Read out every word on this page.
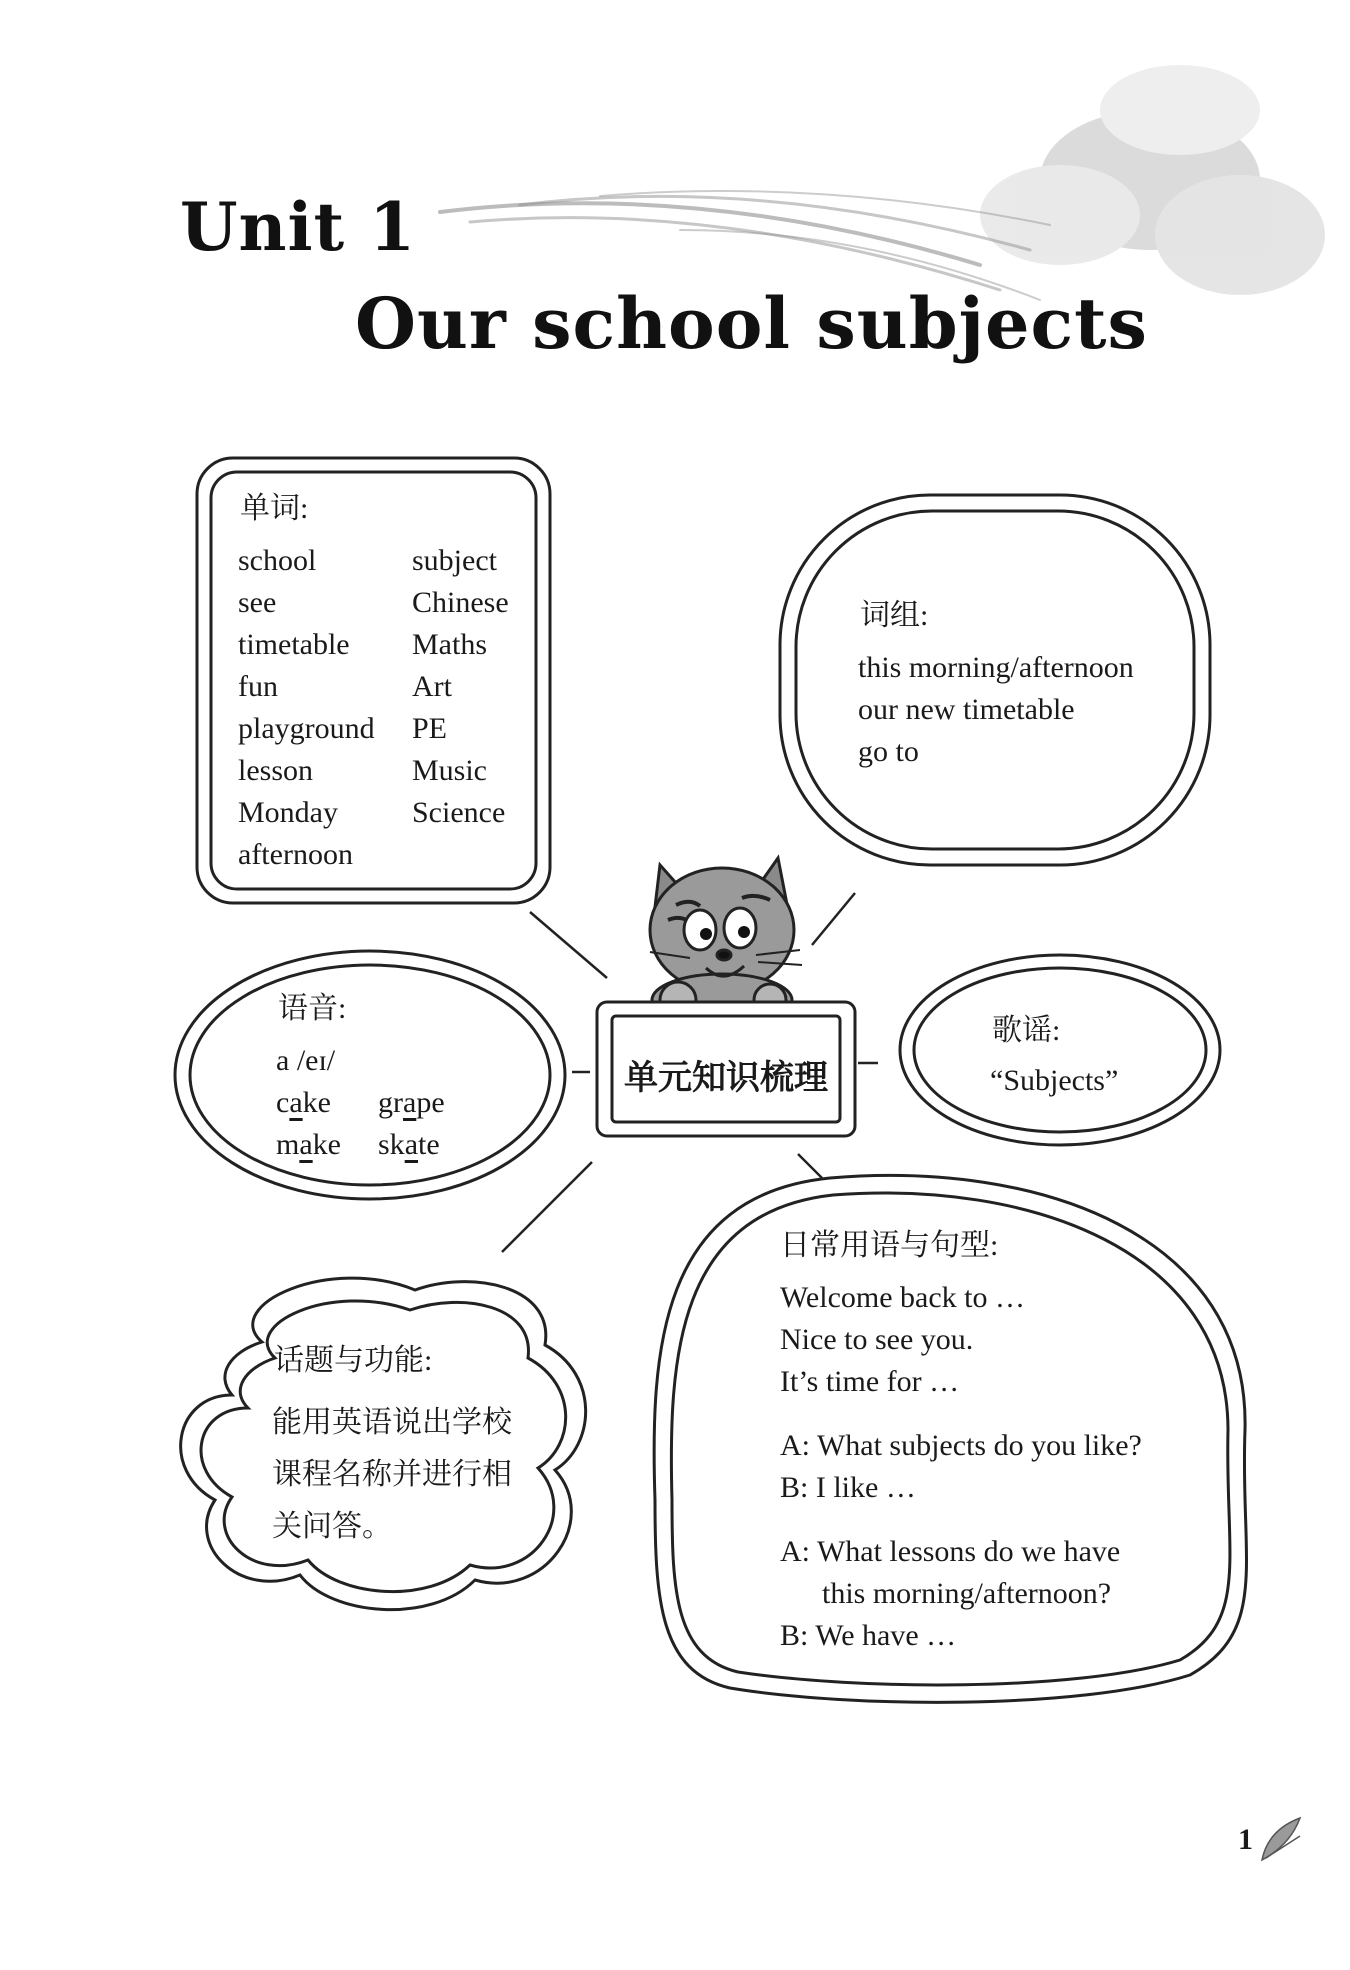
Unit 1
Our school subjects
单词:
school
see
timetable
fun
playground
lesson
Monday
afternoon
subject
Chinese
Maths
Art
PE
Music
Science
词组:
this morning/afternoon
our new timetable
go to
语音:
a /eɪ/
cake grape
make skate
单元知识梳理
歌谣:
“Subjects”
话题与功能:
能用英语说出学校
课程名称并进行相
关问答。
日常用语与句型:
Welcome back to …
Nice to see you.
It’s time for …
A: What subjects do you like?
B: I like …
A: What lessons do we have
this morning/afternoon?
B: We have …
1
